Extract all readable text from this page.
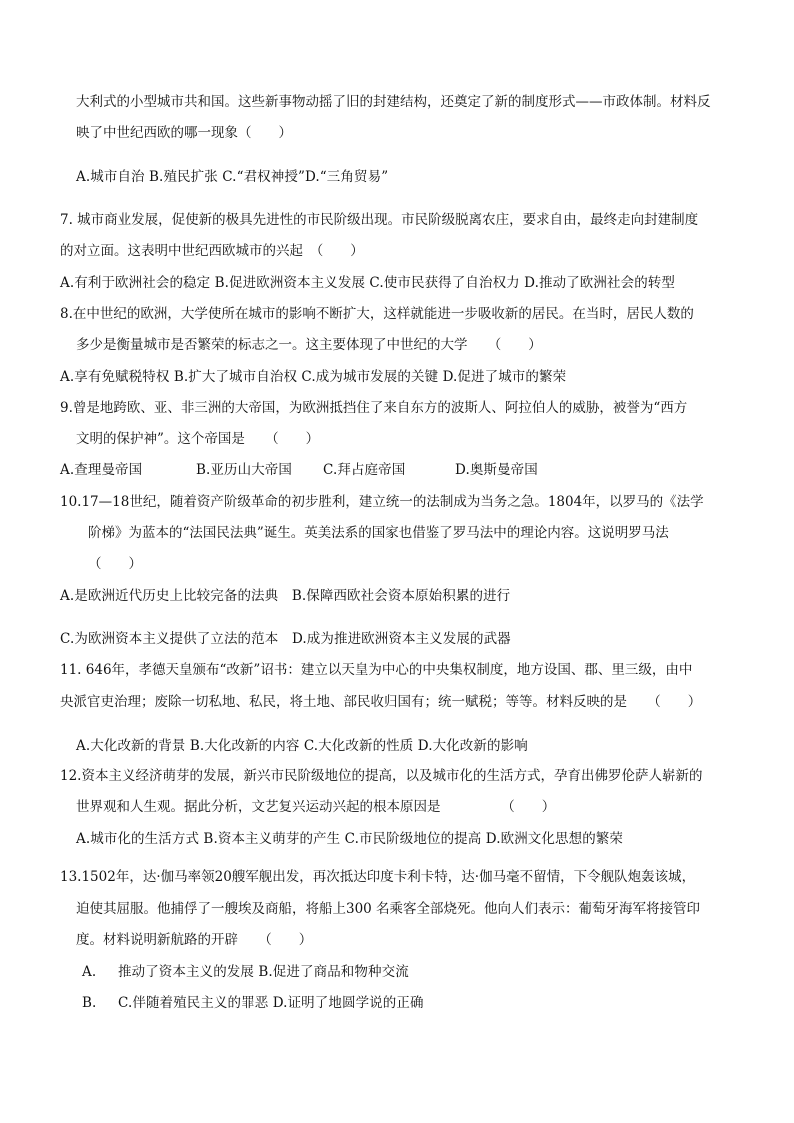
大利式的小型城市共和国。这些新事物动摇了旧的封建结构，还奠定了新的制度形式——市政体制。材料反
映了中世纪西欧的哪一现象（　　）
A.城市自治 B.殖民扩张 C.“君权神授”D.“三角贸易”
7. 城市商业发展，促使新的极具先进性的市民阶级出现。市民阶级脱离农庄，要求自由，最终走向封建制度
的对立面。这表明中世纪西欧城市的兴起　（　　）
A.有利于欧洲社会的稳定 B.促进欧洲资本主义发展 C.使市民获得了自治权力 D.推动了欧洲社会的转型
8.在中世纪的欧洲，大学使所在城市的影响不断扩大，这样就能进一步吸收新的居民。在当时，居民人数的
多少是衡量城市是否繁荣的标志之一。这主要体现了中世纪的大学　　（　　）
A.享有免赋税特权 B.扩大了城市自治权 C.成为城市发展的关键 D.促进了城市的繁荣
9.曾是地跨欧、亚、非三洲的大帝国，为欧洲抵挡住了来自东方的波斯人、阿拉伯人的威胁，被誉为“西方
文明的保护神”。这个帝国是　　（　　）
A.查理曼帝国	B.亚历山大帝国 C.拜占庭帝国	D.奥斯曼帝国
10.17—18世纪，随着资产阶级革命的初步胜利，建立统一的法制成为当务之急。1804年，以罗马的《法学
阶梯》为蓝本的“法国民法典”诞生。英美法系的国家也借鉴了罗马法中的理论内容。这说明罗马法
（　　）
A.是欧洲近代历史上比较完备的法典　B.保障西欧社会资本原始积累的进行
C.为欧洲资本主义提供了立法的范本　D.成为推进欧洲资本主义发展的武器
11. 646年，孝德天皇颁布“改新”诏书：建立以天皇为中心的中央集权制度，地方设国、郡、里三级，由中
央派官吏治理；废除一切私地、私民，将土地、部民收归国有；统一赋税；等等。材料反映的是　　（　　）
A.大化改新的背景 B.大化改新的内容 C.大化改新的性质 D.大化改新的影响
12.资本主义经济萌芽的发展，新兴市民阶级地位的提高，以及城市化的生活方式，孕育出佛罗伦萨人崭新的
世界观和人生观。据此分析，文艺复兴运动兴起的根本原因是　　　　　（　　）
A.城市化的生活方式 B.资本主义萌芽的产生 C.市民阶级地位的提高 D.欧洲文化思想的繁荣
13.1502年，达·伽马率领20艘军舰出发，再次抵达印度卡利卡特，达·伽马毫不留情，下令舰队炮轰该城，
迫使其屈服。他捕俘了一艘埃及商船，将船上300 名乘客全部烧死。他向人们表示：葡萄牙海军将接管印
度。材料说明新航路的开辟　　（　　）
A. 推动了资本主义的发展 B.促进了商品和物种交流
B. C.伴随着殖民主义的罪恶 D.证明了地圆学说的正确
